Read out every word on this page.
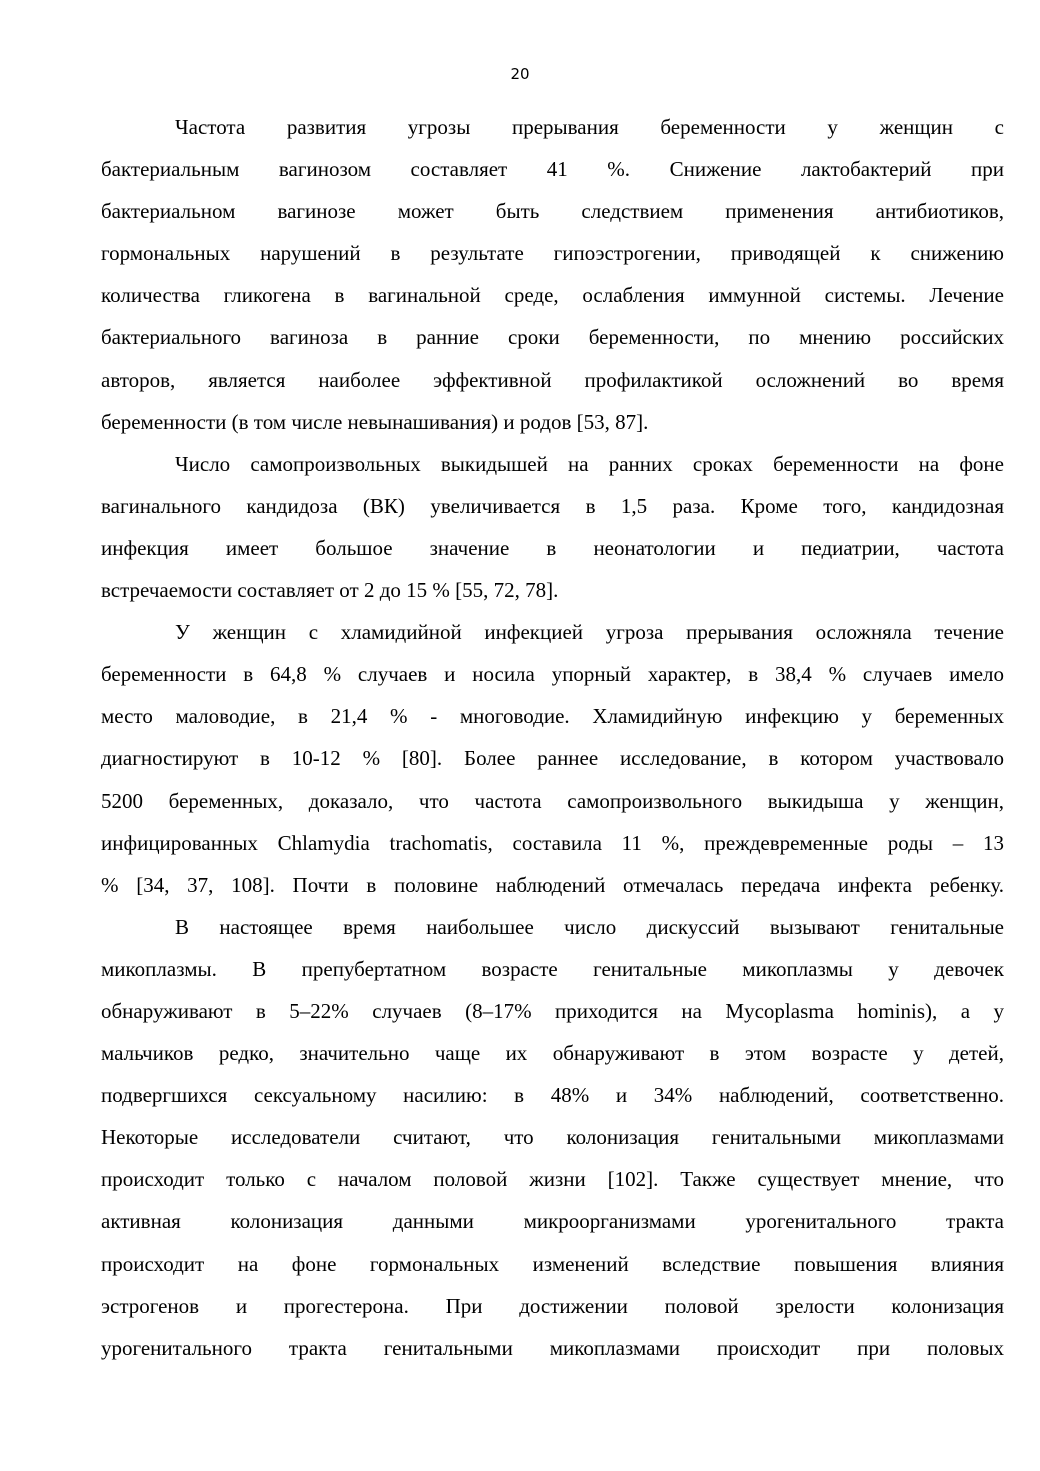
20
Частота развития угрозы прерывания беременности у женщин с
бактериальным вагинозом составляет 41 %. Снижение лактобактерий при
бактериальном вагинозе может быть следствием применения антибиотиков,
гормональных нарушений в результате гипоэстрогении, приводящей к снижению
количества гликогена в вагинальной среде, ослабления иммунной системы. Лечение
бактериального вагиноза в ранние сроки беременности, по мнению российских
авторов, является наиболее эффективной профилактикой осложнений во время
беременности (в том числе невынашивания) и родов [53, 87].
Число самопроизвольных выкидышей на ранних сроках беременности на фоне
вагинального кандидоза (ВК) увеличивается в 1,5 раза. Кроме того, кандидозная
инфекция имеет большое значение в неонатологии и педиатрии, частота
встречаемости составляет от 2 до 15 % [55, 72, 78].
У женщин с хламидийной инфекцией угроза прерывания осложняла течение
беременности в 64,8 % случаев и носила упорный характер, в 38,4 % случаев имело
место маловодие, в 21,4 % - многоводие. Хламидийную инфекцию у беременных
диагностируют в 10-12 % [80]. Более раннее исследование, в котором участвовало
5200 беременных, доказало, что частота самопроизвольного выкидыша у женщин,
инфицированных Chlamydia trachomatis, составила 11 %, преждевременные роды – 13
% [34, 37, 108]. Почти в половине наблюдений отмечалась передача инфекта ребенку.
В настоящее время наибольшее число дискуссий вызывают генитальные
микоплазмы. В препубертатном возрасте генитальные микоплазмы у девочек
обнаруживают в 5–22% случаев (8–17% приходится на Mycoplasma hominis), а у
мальчиков редко, значительно чаще их обнаруживают в этом возрасте у детей,
подвергшихся сексуальному насилию: в 48% и 34% наблюдений, соответственно.
Некоторые исследователи считают, что колонизация генитальными микоплазмами
происходит только с началом половой жизни [102]. Также существует мнение, что
активная колонизация данными микроорганизмами урогенитального тракта
происходит на фоне гормональных изменений вследствие повышения влияния
эстрогенов и прогестерона. При достижении половой зрелости колонизация
урогенитального тракта генитальными микоплазмами происходит при половых
